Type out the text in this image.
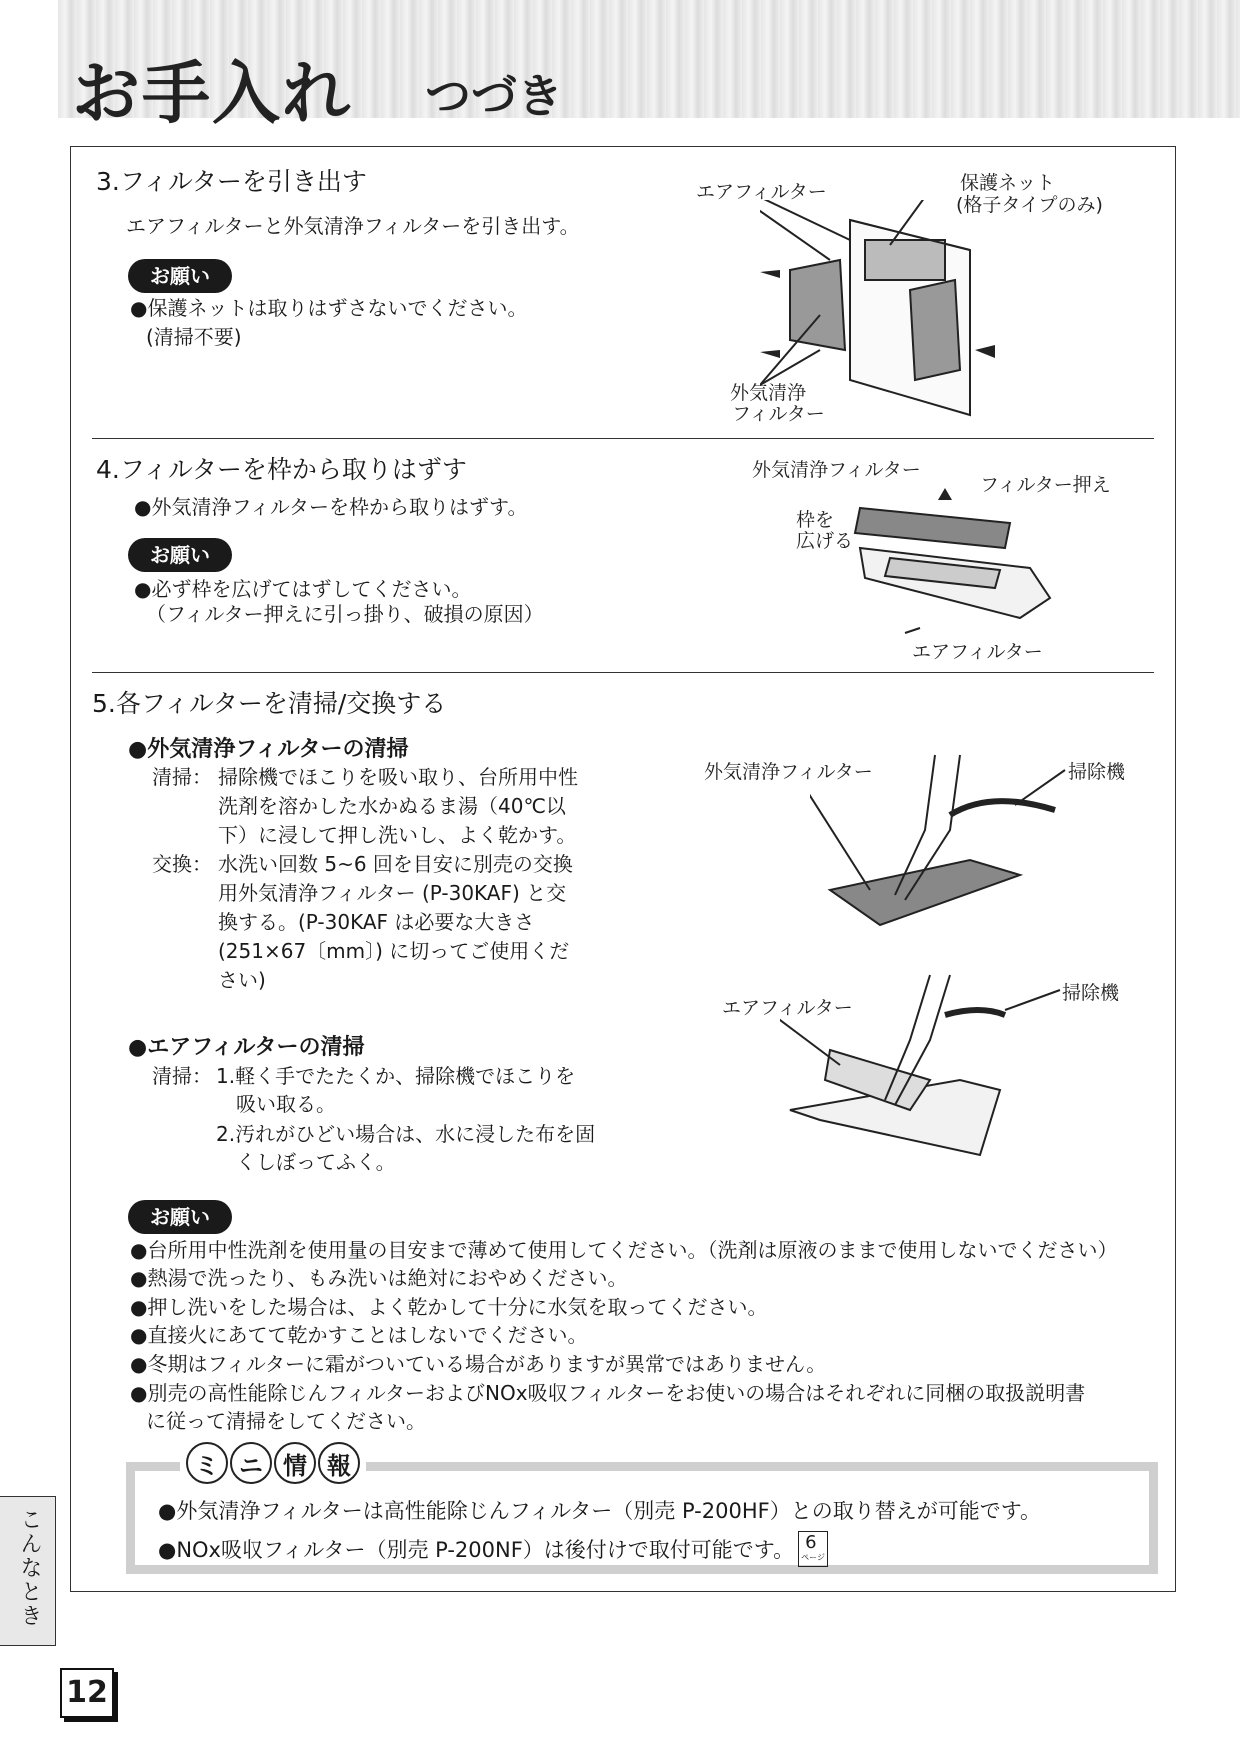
お手入れ つづき
3.フィルターを引き出す
エアフィルターと外気清浄フィルターを引き出す。
お願い
●保護ネットは取りはずさないでください。
(清掃不要)
エアフィルター	保護ネット
(格子タイプのみ)
外気清浄
フィルター
4.フィルターを枠から取りはずす
●外気清浄フィルターを枠から取りはずす。
お願い
●必ず枠を広げてはずしてください。
（フィルター押えに引っ掛り、破損の原因）
外気清浄フィルター
フィルター押え
枠を
広げる
エアフィルター
5.各フィルターを清掃/交換する
●外気清浄フィルターの清掃
清掃： 掃除機でほこりを吸い取り、台所用中性
洗剤を溶かした水かぬるま湯（40℃以
下）に浸して押し洗いし、よく乾かす。
交換： 水洗い回数 5~6 回を目安に別売の交換
用外気清浄フィルター (P-30KAF) と交
換する。(P-30KAF は必要な大きさ
(251×67〔mm〕) に切ってご使用くだ
さい)
●エアフィルターの清掃
清掃： 1.軽く手でたたくか、掃除機でほこりを
吸い取る。
2.汚れがひどい場合は、水に浸した布を固
くしぼってふく。
外気清浄フィルター	掃除機
エアフィルター
掃除機
お願い
●台所用中性洗剤を使用量の目安まで薄めて使用してください。（洗剤は原液のままで使用しないでください）
●熱湯で洗ったり、もみ洗いは絶対におやめください。
●押し洗いをした場合は、よく乾かして十分に水気を取ってください。
●直接火にあてて乾かすことはしないでください。
●冬期はフィルターに霜がついている場合がありますが異常ではありません。
●別売の高性能除じんフィルターおよびNOx吸収フィルターをお使いの場合はそれぞれに同梱の取扱説明書
に従って清掃をしてください。
ミ ニ 情 報
●外気清浄フィルターは高性能除じんフィルター（別売 P-200HF）との取り替えが可能です。
●NOx吸収フィルター（別売 P-200NF）は後付けで取付可能です。 6
ページ
こんなとき
12
